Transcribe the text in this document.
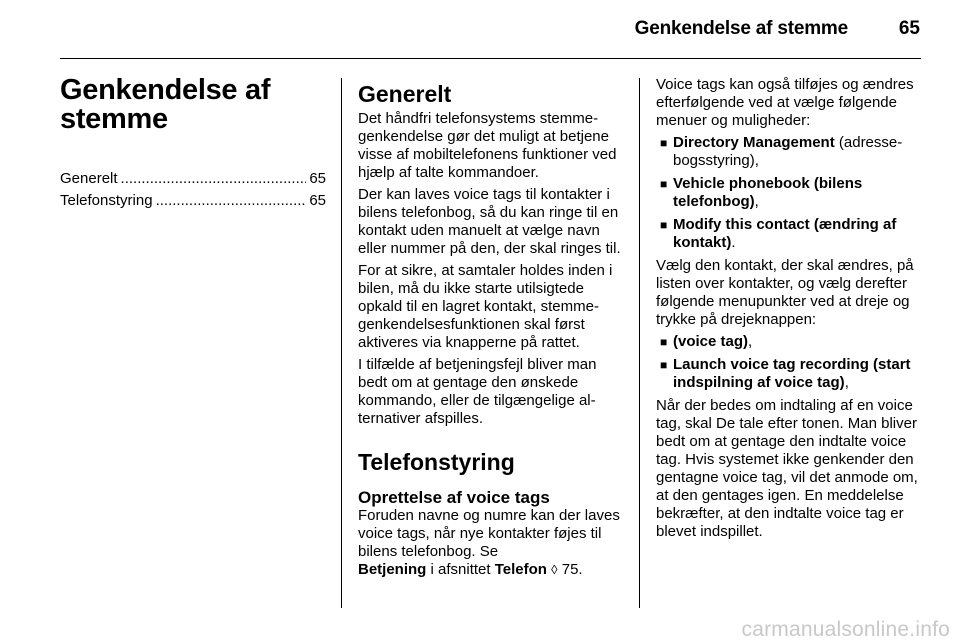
Genkendelse af stemme	65
Genkendelse af stemme
Generelt .....	65
Telefonstyring .....	65
Generelt

Det håndfri telefonsystems stemmegenkendelse gør det muligt at betjene visse af mobiltelefonens funktioner ved hjælp af talte kommandoer.

Der kan laves voice tags til kontakter i bilens telefonbog, så du kan ringe til en kontakt uden manuelt at vælge navn eller nummer på den, der skal ringes til.

For at sikre, at samtaler holdes inden i bilen, må du ikke starte utilsigtede opkald til en lagret kontakt, stemmegenkendelsesfunktionen skal først aktiveres via knapperne på rattet.

I tilfælde af betjeningsfejl bliver man bedt om at gentage den ønskede kommando, eller de tilgængelige alternativer afspilles.

Telefonstyring
Oprettelse af voice tags

Foruden navne og numre kan der laves voice tags, når nye kontakter føjes til bilens telefonbog. Se
Betjening i afsnittet Telefon ◊ 75.

Voice tags kan også tilføjes og ændres efterfølgende ved at vælge følgende menuer og muligheder:

■ Directory Management (adressebogsstyring),
■ Vehicle phonebook (bilens telefonbog),
■ Modify this contact (ændring af kontakt).

Vælg den kontakt, der skal ændres, på listen over kontakter, og vælg derefter følgende menupunkter ved at dreje og trykke på drejeknappen:

■ (voice tag),
■ Launch voice tag recording (start indspilning af voice tag),

Når der bedes om indtaling af en voice tag, skal De tale efter tonen. Man bliver bedt om at gentage den indtalte voice tag. Hvis systemet ikke genkender den gentagne voice tag, vil det anmode om, at den gentages igen. En meddelelse bekræfter, at den indtalte voice tag er blevet indspillet.

carmanualsonline.info
